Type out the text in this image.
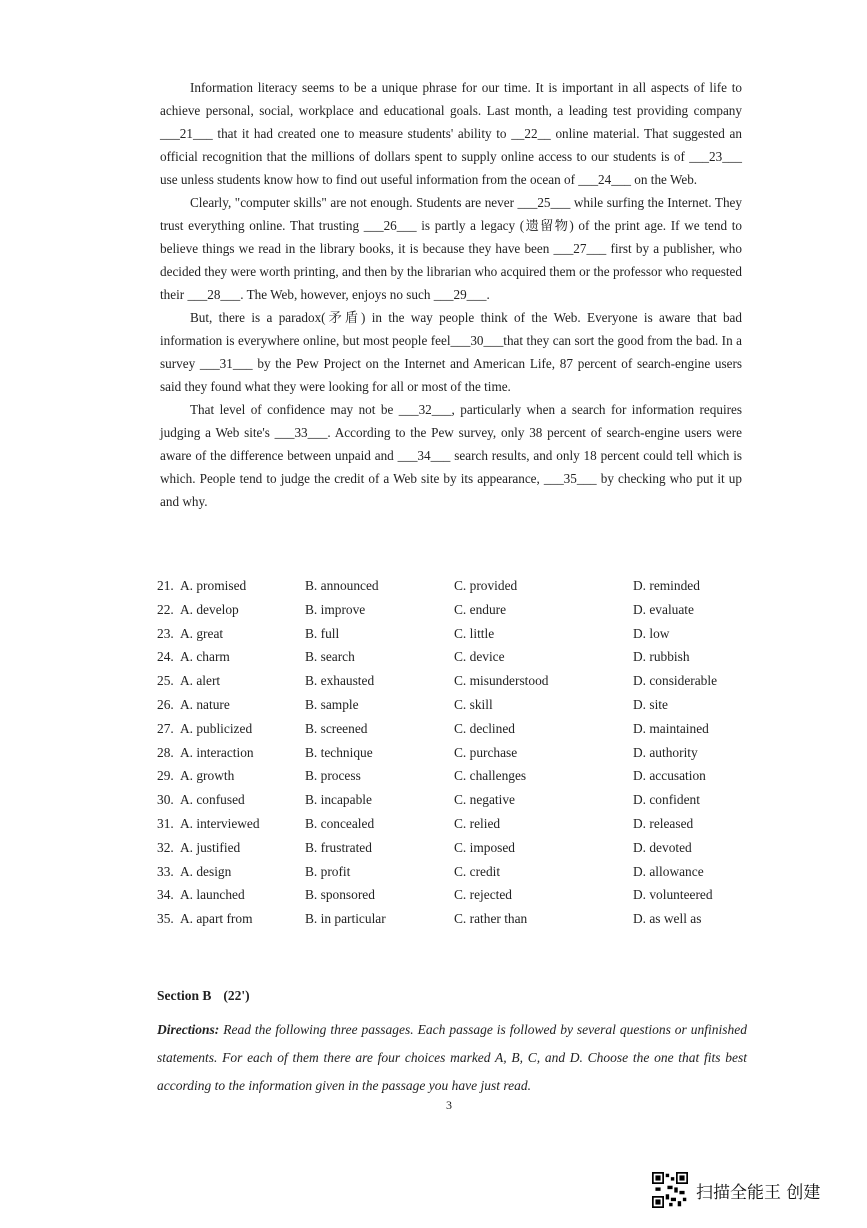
Information literacy seems to be a unique phrase for our time. It is important in all aspects of life to achieve personal, social, workplace and educational goals. Last month, a leading test providing company ___21___ that it had created one to measure students' ability to __22__ online material. That suggested an official recognition that the millions of dollars spent to supply online access to our students is of ___23___ use unless students know how to find out useful information from the ocean of ___24___ on the Web.

Clearly, "computer skills" are not enough. Students are never ___25___ while surfing the Internet. They trust everything online. That trusting ___26___ is partly a legacy (遗留物) of the print age. If we tend to believe things we read in the library books, it is because they have been ___27___ first by a publisher, who decided they were worth printing, and then by the librarian who acquired them or the professor who requested their ___28___. The Web, however, enjoys no such ___29___.

But, there is a paradox(矛盾) in the way people think of the Web. Everyone is aware that bad information is everywhere online, but most people feel___30___that they can sort the good from the bad. In a survey ___31___ by the Pew Project on the Internet and American Life, 87 percent of search-engine users said they found what they were looking for all or most of the time.

That level of confidence may not be ___32___, particularly when a search for information requires judging a Web site's ___33___. According to the Pew survey, only 38 percent of search-engine users were aware of the difference between unpaid and ___34___ search results, and only 18 percent could tell which is which. People tend to judge the credit of a Web site by its appearance, ___35___ by checking who put it up and why.

21. A. promised	B. announced	C. provided	D. reminded
22. A. develop	B. improve	C. endure	D. evaluate
23. A. great	B. full	C. little	D. low
24. A. charm	B. search	C. device	D. rubbish
25. A. alert	B. exhausted	C. misunderstood	D. considerable
26. A. nature	B. sample	C. skill	D. site
27. A. publicized	B. screened	C. declined	D. maintained
28. A. interaction	B. technique	C. purchase	D. authority
29. A. growth	B. process	C. challenges	D. accusation
30. A. confused	B. incapable	C. negative	D. confident
31. A. interviewed	B. concealed	C. relied	D. released
32. A. justified	B. frustrated	C. imposed	D. devoted
33. A. design	B. profit	C. credit	D. allowance
34. A. launched	B. sponsored	C. rejected	D. volunteered
35. A. apart from	B. in particular	C. rather than	D. as well as
Section B (22')
Directions: Read the following three passages. Each passage is followed by several questions or unfinished statements. For each of them there are four choices marked A, B, C, and D. Choose the one that fits best according to the information given in the passage you have just read.
3
扫描全能王 创建
